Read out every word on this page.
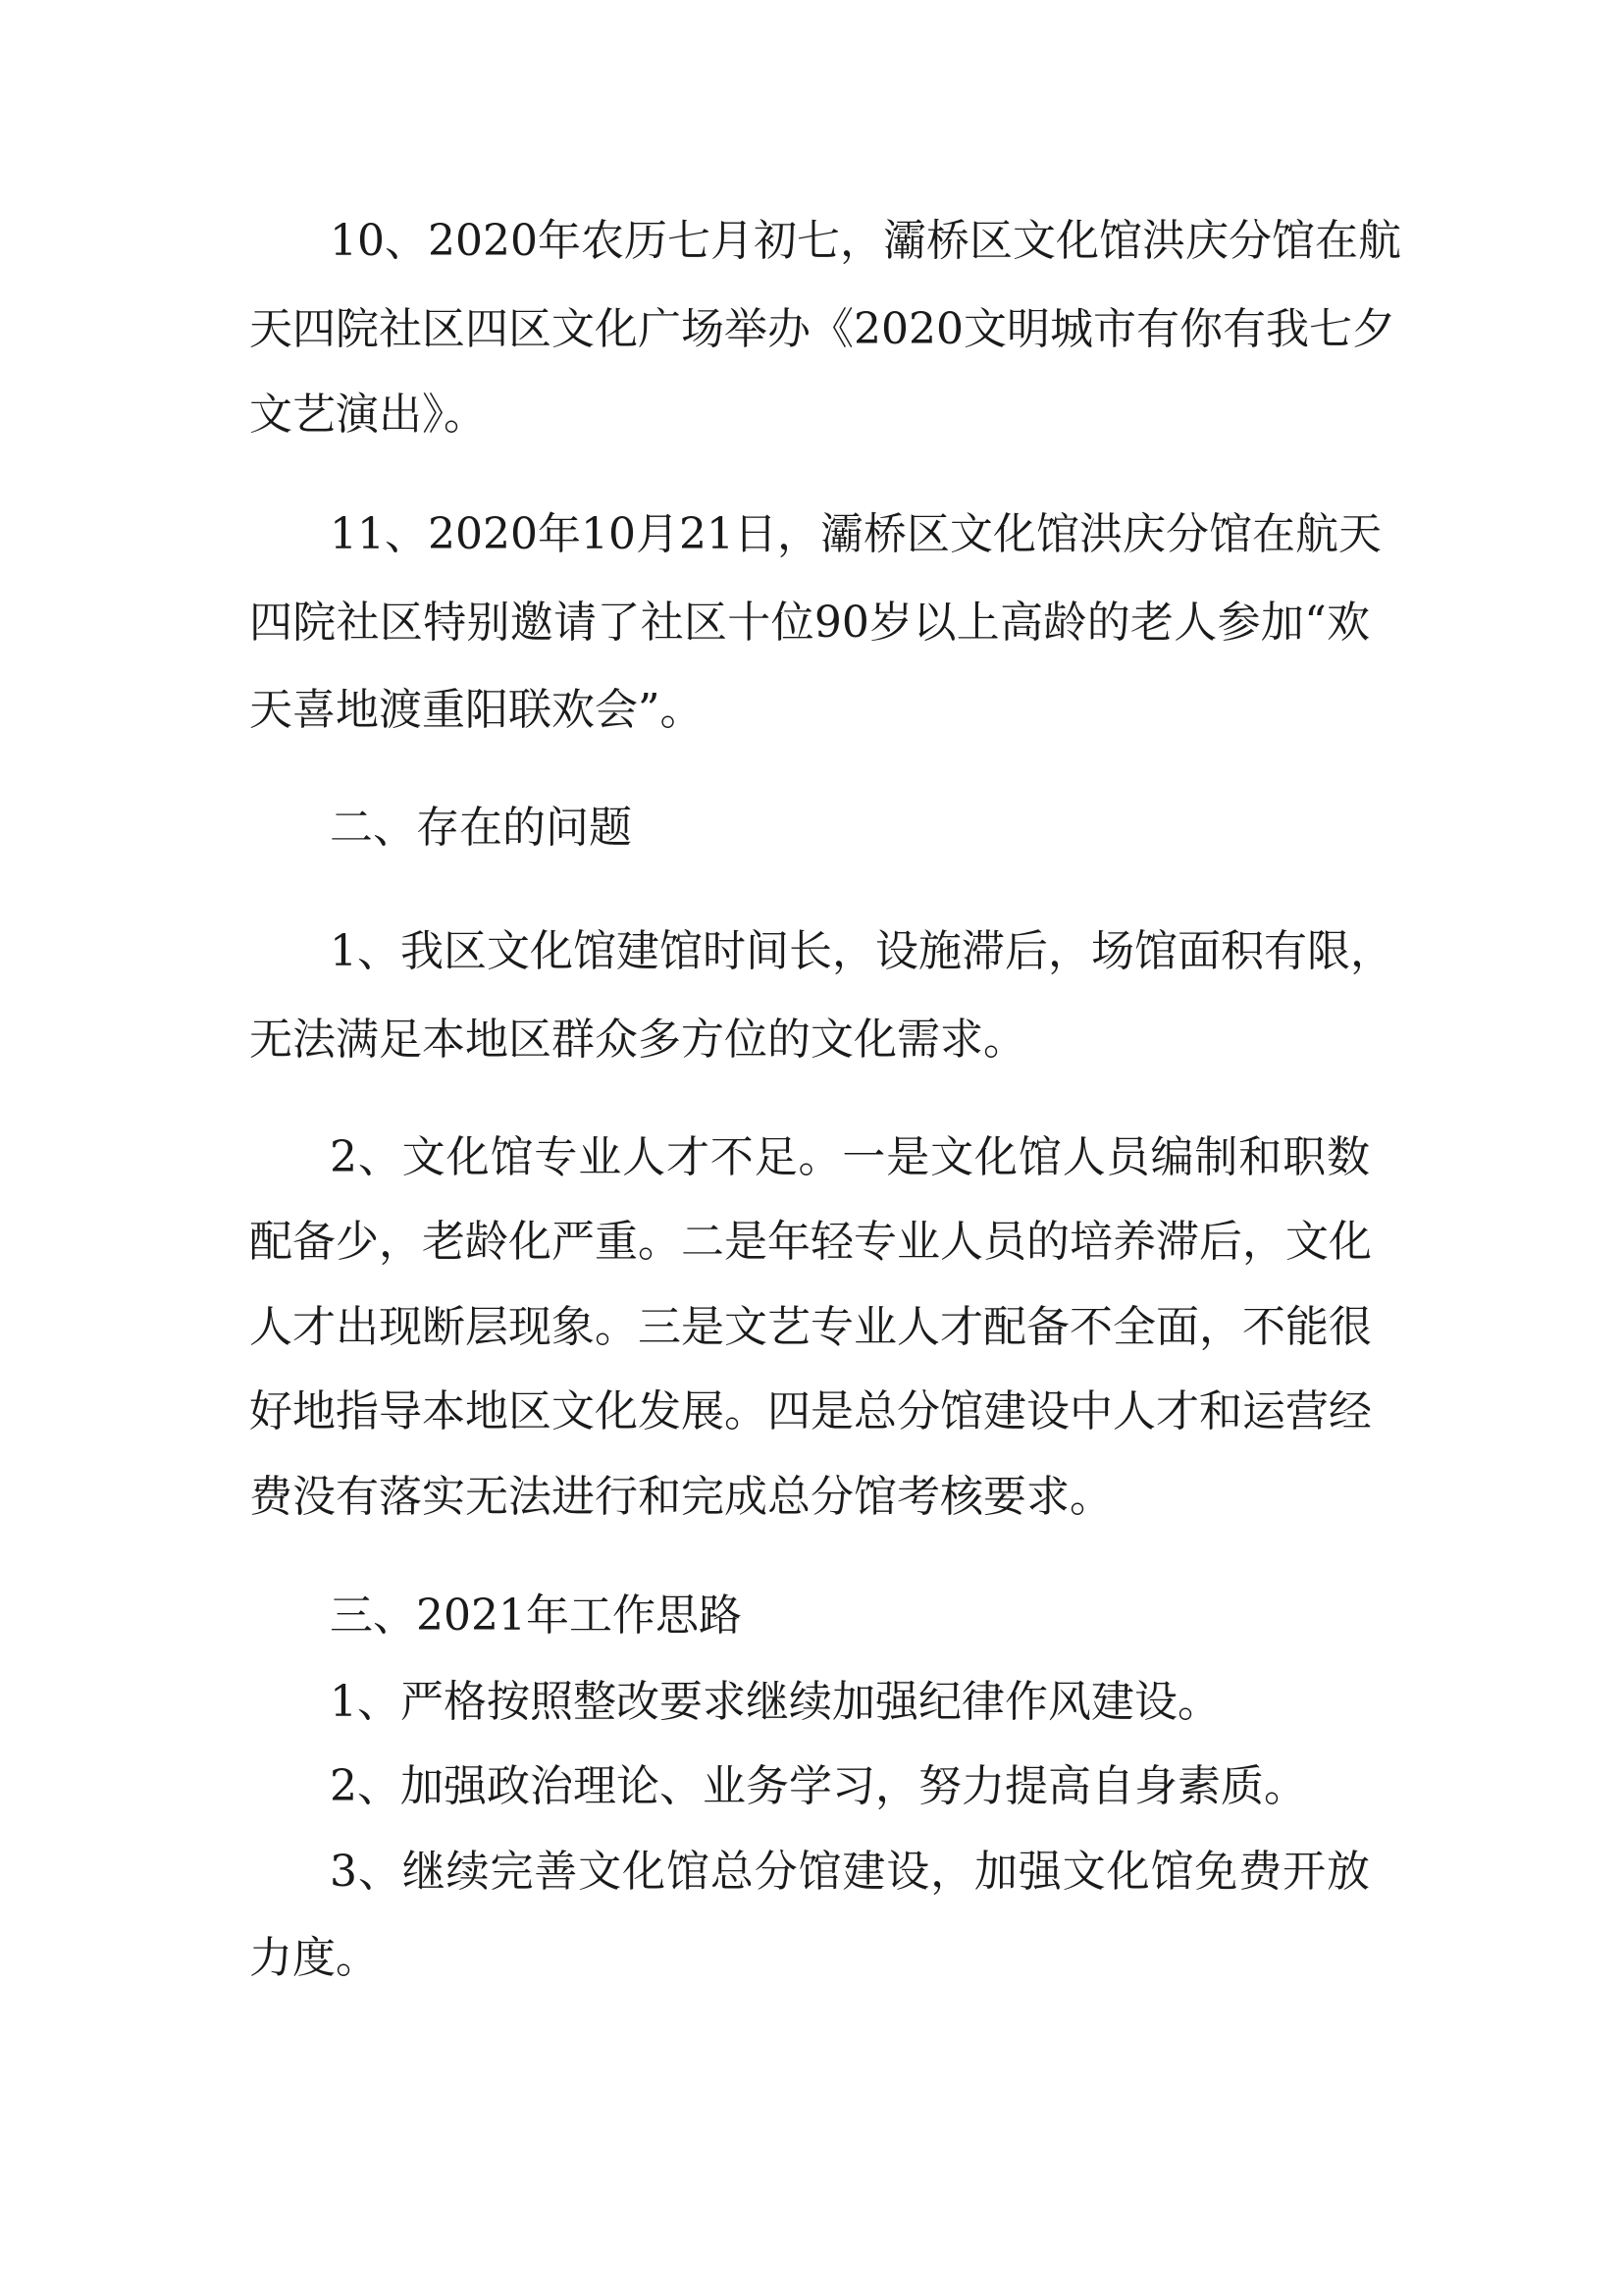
10、2020年农历七月初七，灞桥区文化馆洪庆分馆在航
天四院社区四区文化广场举办《2020文明城市有你有我七夕
文艺演出》。
11、2020年10月21日，灞桥区文化馆洪庆分馆在航天
四院社区特别邀请了社区十位90岁以上高龄的老人参加“欢
天喜地渡重阳联欢会”。
二、存在的问题
1、我区文化馆建馆时间长，设施滞后，场馆面积有限，
无法满足本地区群众多方位的文化需求。
2、文化馆专业人才不足。一是文化馆人员编制和职数
配备少，老龄化严重。二是年轻专业人员的培养滞后，文化
人才出现断层现象。三是文艺专业人才配备不全面，不能很
好地指导本地区文化发展。四是总分馆建设中人才和运营经
费没有落实无法进行和完成总分馆考核要求。
三、2021年工作思路
1、严格按照整改要求继续加强纪律作风建设。
2、加强政治理论、业务学习，努力提高自身素质。
3、继续完善文化馆总分馆建设，加强文化馆免费开放
力度。
